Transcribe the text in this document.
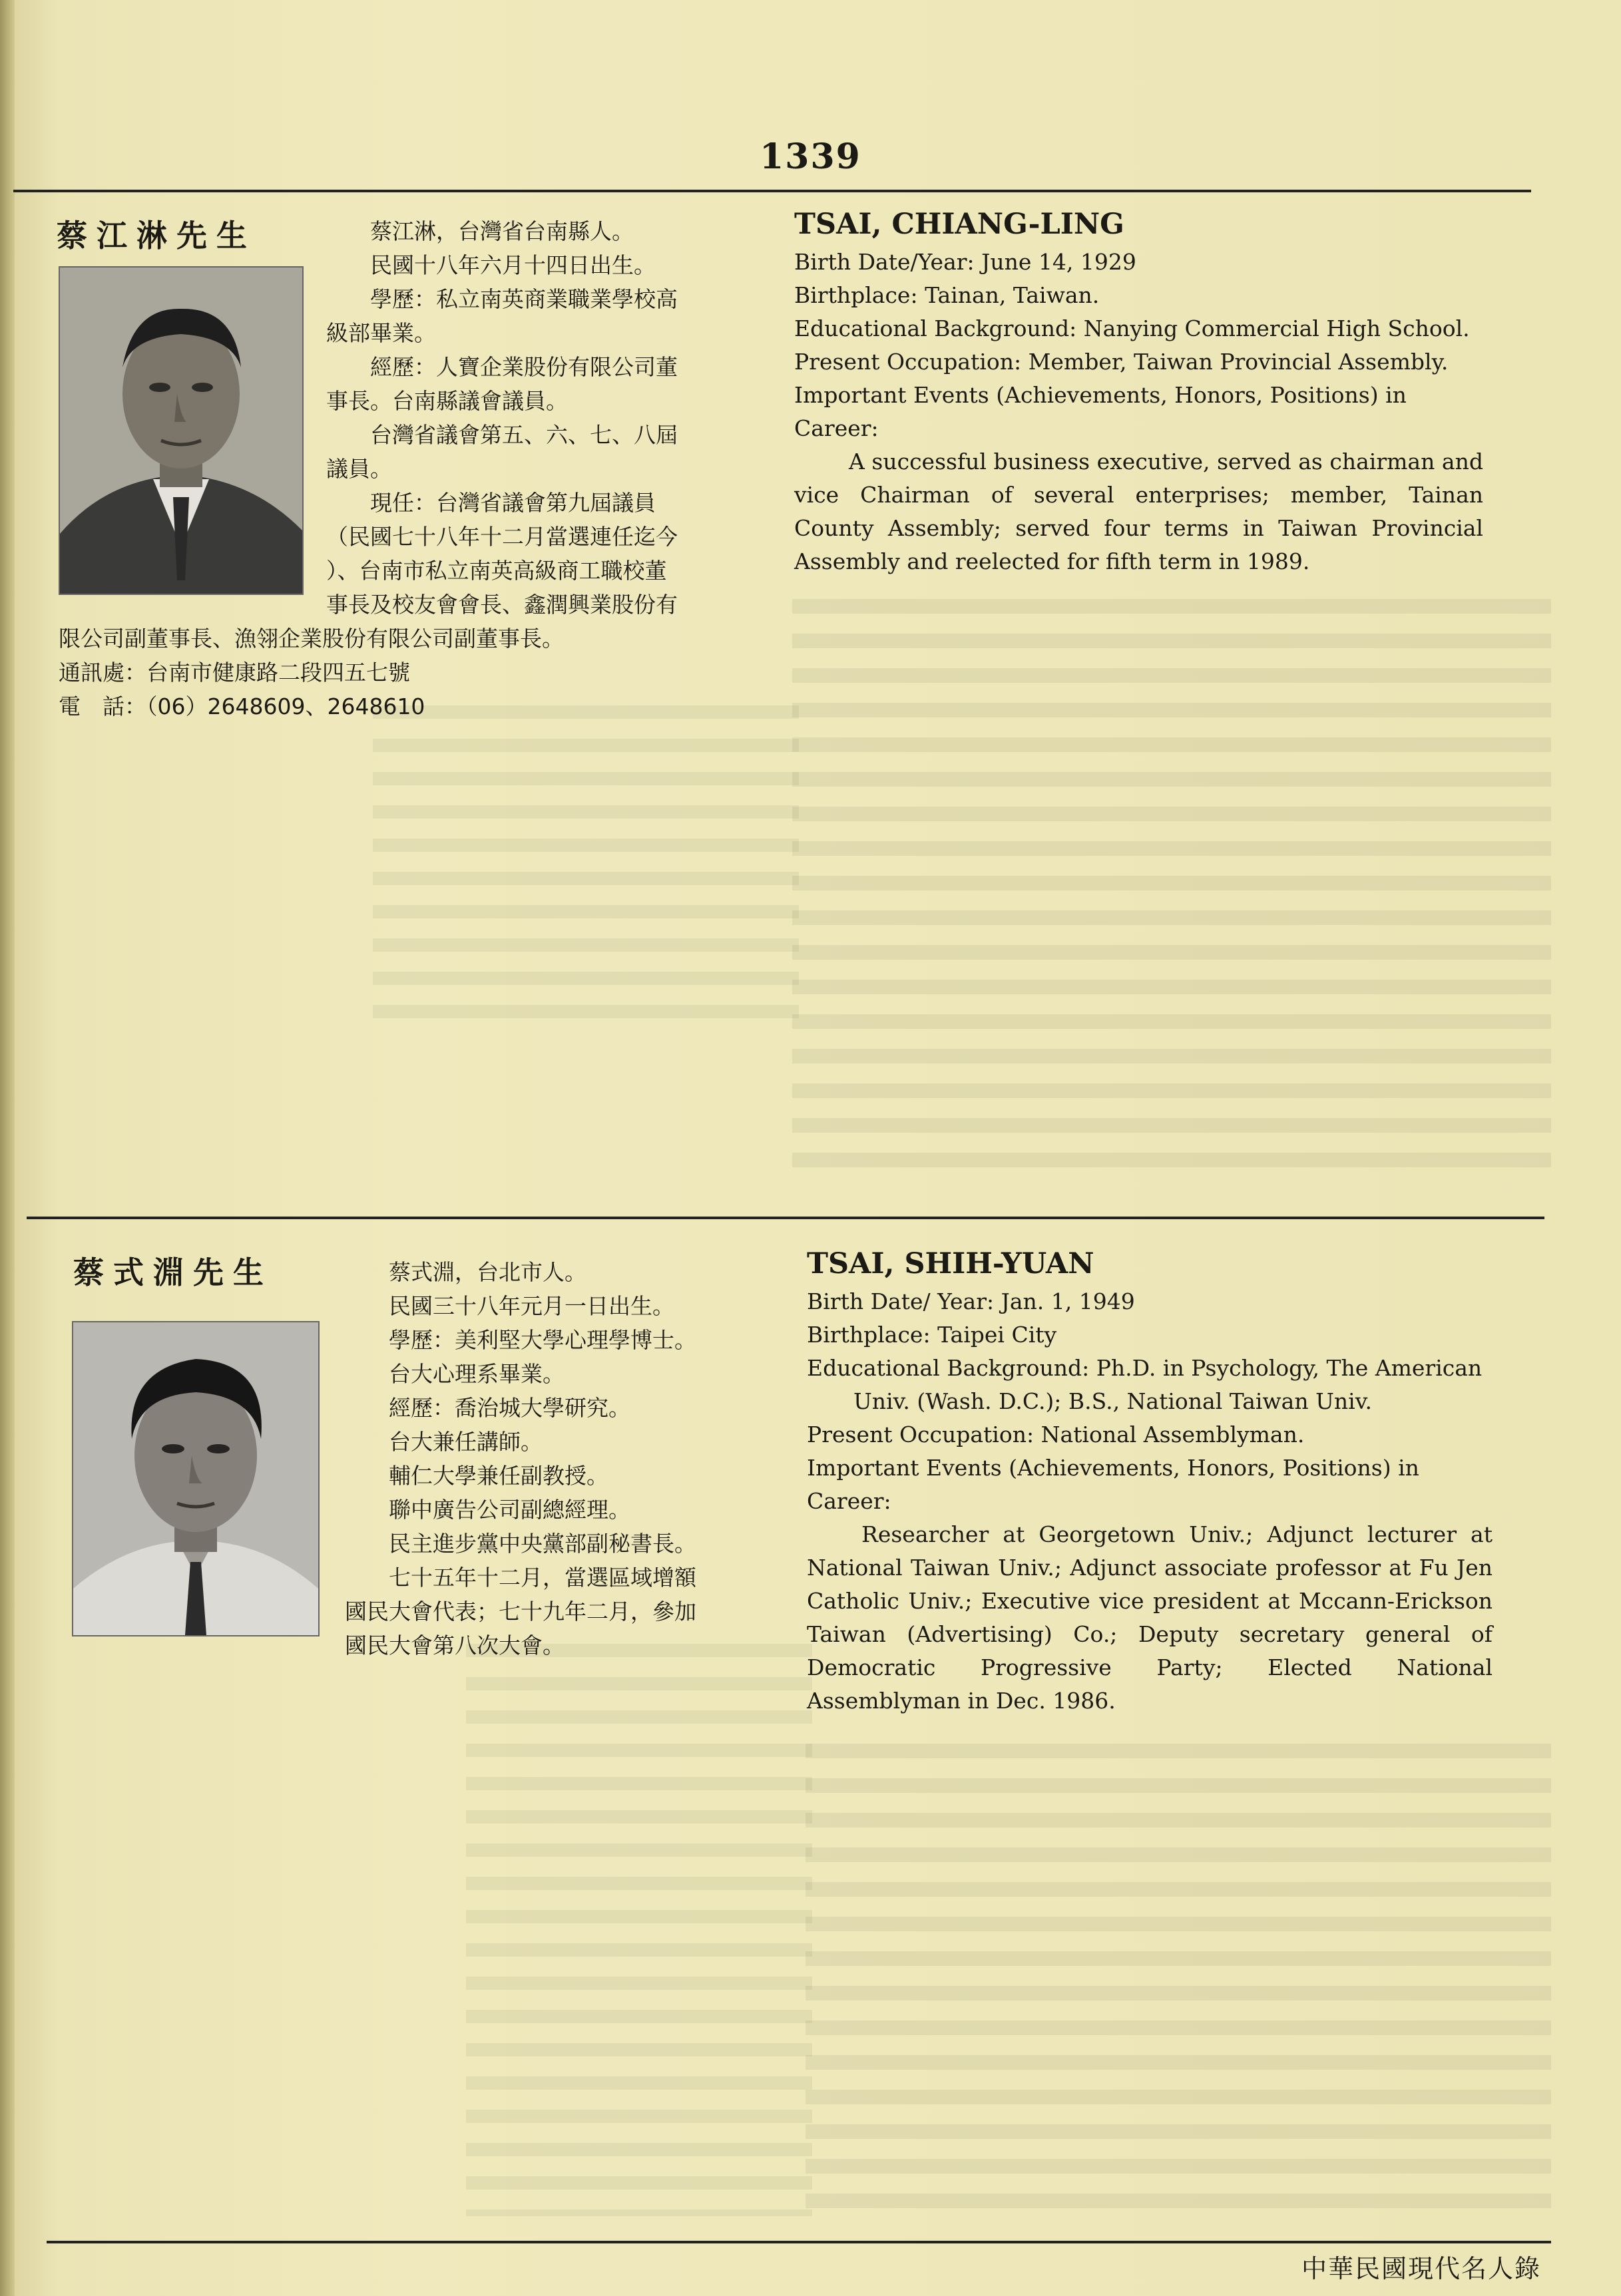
1339
蔡江淋先生	　　蔡江淋，台灣省台南縣人。
　　民國十八年六月十四日出生。
　　學歷：私立南英商業職業學校高
級部畢業。
　　經歷：人寶企業股份有限公司董
事長。台南縣議會議員。
　　台灣省議會第五、六、七、八屆
議員。
　　現任：台灣省議會第九屆議員
（民國七十八年十二月當選連任迄今
）、台南市私立南英高級商工職校董
事長及校友會會長、鑫潤興業股份有
限公司副董事長、漁翎企業股份有限公司副董事長。
通訊處：台南市健康路二段四五七號
電　話：（06）2648609、2648610
TSAI, CHIANG-LING

Birth Date/Year: June 14, 1929

Birthplace: Tainan, Taiwan.

Educational Background: Nanying Commercial High School.

Present Occupation: Member, Taiwan Provincial Assembly.

Important Events (Achievements, Honors, Positions) in Career:

A successful business executive, served as chairman and vice Chairman of several enterprises; member, Tainan County Assembly; served four terms in Taiwan Provincial Assembly and reelected for fifth term in 1989.

蔡式淵先生	　　蔡式淵，台北市人。
　　民國三十八年元月一日出生。
　　學歷：美利堅大學心理學博士。
　　台大心理系畢業。
　　經歷：喬治城大學研究。
　　台大兼任講師。
　　輔仁大學兼任副教授。
　　聯中廣告公司副總經理。
　　民主進步黨中央黨部副秘書長。
　　七十五年十二月，當選區域增額
國民大會代表；七十九年二月，參加
國民大會第八次大會。
TSAI, SHIH-YUAN

Birth Date/ Year: Jan. 1, 1949

Birthplace: Taipei City

Educational Background: Ph.D. in Psychology, The American Univ. (Wash. D.C.); B.S., National Taiwan Univ.

Present Occupation: National Assemblyman.

Important Events (Achievements, Honors, Positions) in Career:

Researcher at Georgetown Univ.; Adjunct lecturer at National Taiwan Univ.; Adjunct associate professor at Fu Jen Catholic Univ.; Executive vice president at Mccann-Erickson Taiwan (Advertising) Co.; Deputy secretary general of Democratic Progressive Party; Elected National Assemblyman in Dec. 1986.

中華民國現代名人錄
